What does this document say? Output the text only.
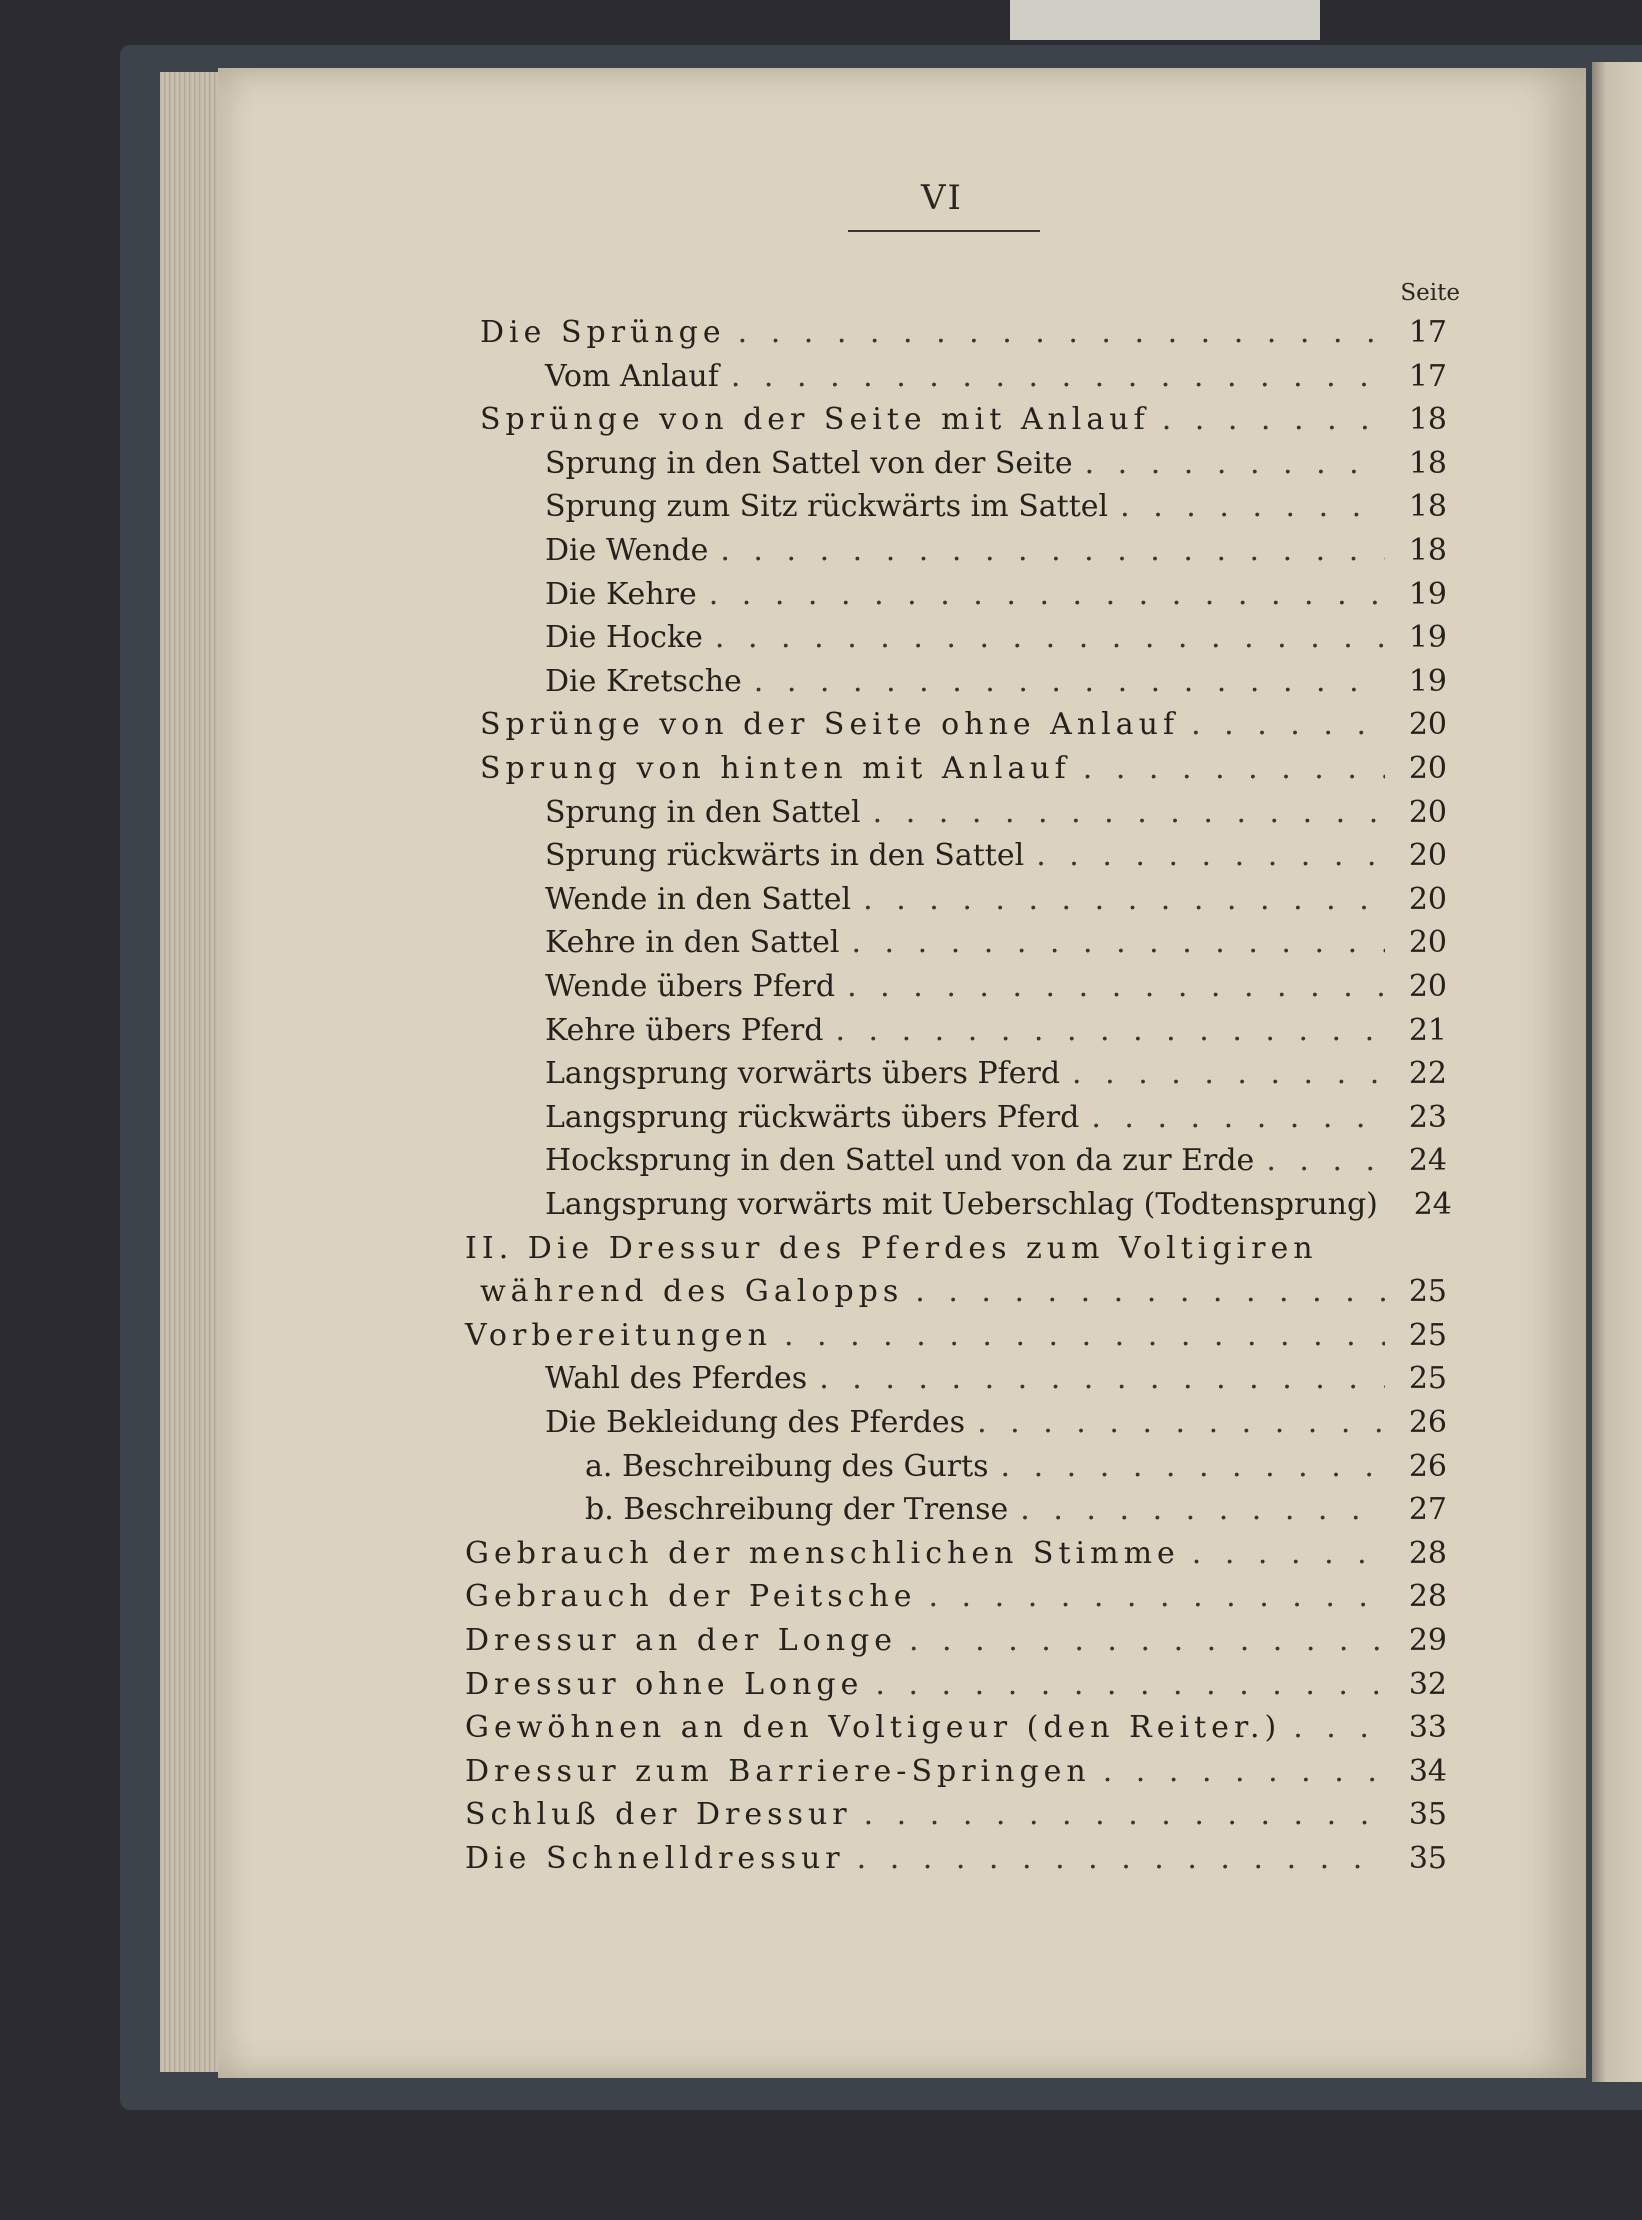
VI
Seite
Die Sprünge . . .	17
Vom Anlauf . . .	17
Sprünge von der Seite mit Anlauf . . .	18
Sprung in den Sattel von der Seite . . .	18
Sprung zum Sitz rückwärts im Sattel . . .	18
Die Wende . . .	18
Die Kehre . . .	19
Die Hocke . . .	19
Die Kretsche . . .	19
Sprünge von der Seite ohne Anlauf . . .	20
Sprung von hinten mit Anlauf . . .	20
Sprung in den Sattel . . .	20
Sprung rückwärts in den Sattel . . .	20
Wende in den Sattel . . .	20
Kehre in den Sattel . . .	20
Wende übers Pferd . . .	20
Kehre übers Pferd . . .	21
Langsprung vorwärts übers Pferd . . .	22
Langsprung rückwärts übers Pferd . . .	23
Hocksprung in den Sattel und von da zur Erde . . .	24
Langsprung vorwärts mit Ueberschlag (Todtensprung)	24
II. Die Dressur des Pferdes zum Voltigiren
während des Galopps . . .	25
Vorbereitungen . . .	25
Wahl des Pferdes . . .	25
Die Bekleidung des Pferdes . . .	26
a. Beschreibung des Gurts . . .	26
b. Beschreibung der Trense . . .	27
Gebrauch der menschlichen Stimme . . .	28
Gebrauch der Peitsche . . .	28
Dressur an der Longe . . .	29
Dressur ohne Longe . . .	32
Gewöhnen an den Voltigeur (den Reiter.) . . .	33
Dressur zum Barriere-Springen . . .	34
Schluß der Dressur . . .	35
Die Schnelldressur . . .	35
